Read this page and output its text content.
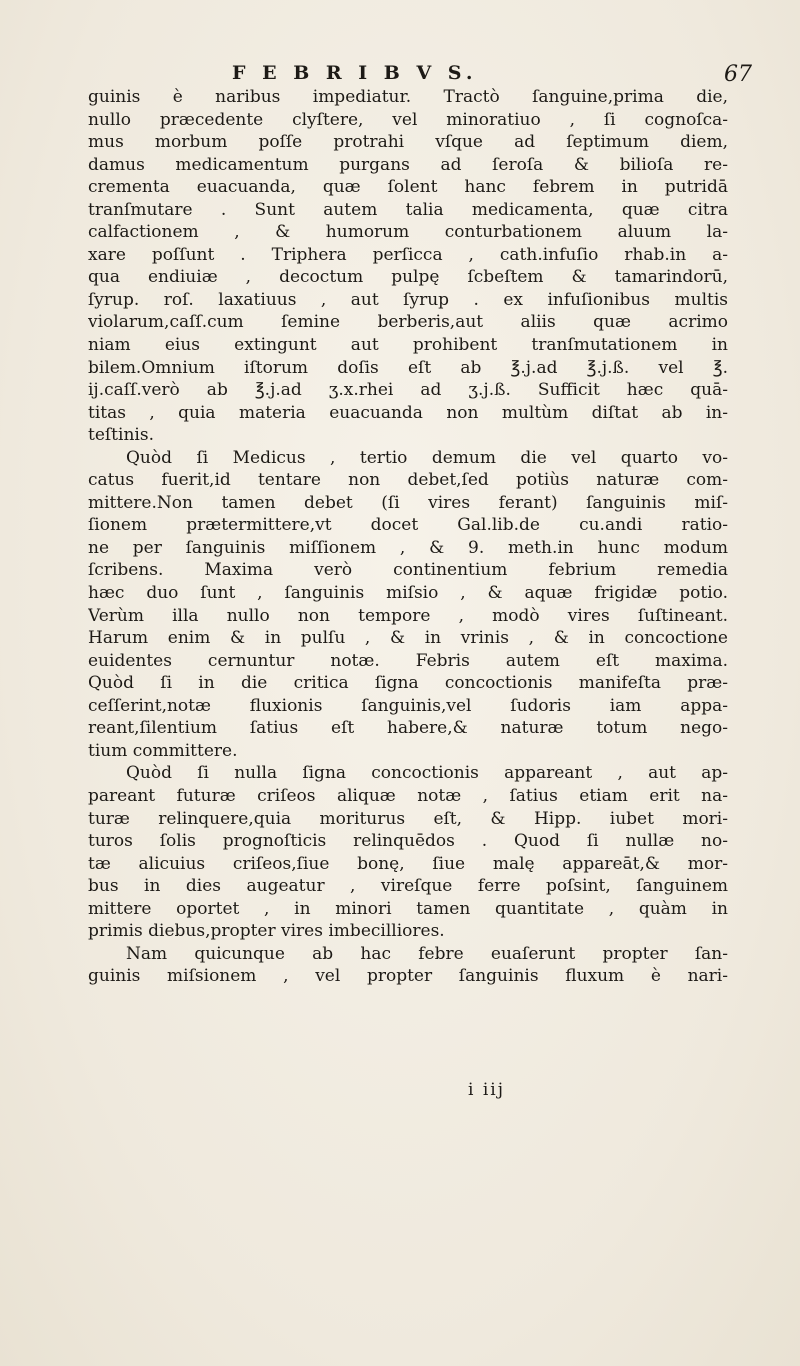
F E B R I B V S.	67
guinis è naribus impediatur. Tractò ſanguine,prima die,
nullo præcedente clyſtere, vel minoratiuo , ſi cognoſca-
mus morbum poſſe protrahi vſque ad ſeptimum diem,
damus medicamentum purgans ad ſeroſa & bilioſa re-
crementa euacuanda, quæ ſolent hanc febrem in putridā
tranſmutare . Sunt autem talia medicamenta, quæ citra
calfactionem , & humorum conturbationem aluum la-
xare poſſunt . Triphera perſicca , cath.infuſio rhab.in a-
qua endiuiæ , decoctum pulpę ſcbeſtem & tamarindorū,
ſyrup. roſ. laxatiuus , aut ſyrup . ex infuſionibus multis
violarum,caſſ.cum ſemine berberis,aut aliis quæ acrimo
niam eius extingunt aut prohibent tranſmutationem in
bilem.Omnium iſtorum doſis eſt ab ℥.j.ad ℥.j.ß. vel ℥.
ij.caſſ.verò ab ℥.j.ad ʒ.x.rhei ad ʒ.j.ß. Sufficit hæc quā-
titas , quia materia euacuanda non multùm diſtat ab in-
teſtinis.
Quòd ſi Medicus , tertio demum die vel quarto vo-
catus fuerit,id tentare non debet,ſed potiùs naturæ com-
mittere.Non tamen debet (ſi vires ferant) ſanguinis miſ-
ſionem prætermittere,vt docet Gal.lib.de cu.andi ratio-
ne per ſanguinis miſſionem , & 9. meth.in hunc modum
ſcribens. Maxima verò continentium febrium remedia
hæc duo ſunt , ſanguinis miſsio , & aquæ frigidæ potio.
Verùm illa nullo non tempore , modò vires ſuſtineant.
Harum enim & in pulſu , & in vrinis , & in concoctione
euidentes cernuntur notæ. Febris autem eſt maxima.
Quòd ſi in die critica ſigna concoctionis manifeſta præ-
ceſſerint,notæ fluxionis ſanguinis,vel ſudoris iam appa-
reant,ſilentium ſatius eſt habere,& naturæ totum nego-
tium committere.
Quòd ſi nulla ſigna concoctionis appareant , aut ap-
pareant futuræ criſeos aliquæ notæ , ſatius etiam erit na-
turæ relinquere,quia moriturus eſt, & Hipp. iubet mori-
turos ſolis prognoſticis relinquēdos . Quod ſi nullæ no-
tæ alicuius criſeos,ſiue bonę, ſiue malę appareāt,& mor-
bus in dies augeatur , vireſque ferre poſsint, ſanguinem
mittere oportet , in minori tamen quantitate , quàm in
primis diebus,propter vires imbecilliores.
Nam quicunque ab hac febre euaſerunt propter ſan-
guinis miſsionem , vel propter ſanguinis fluxum è nari-
i iij
